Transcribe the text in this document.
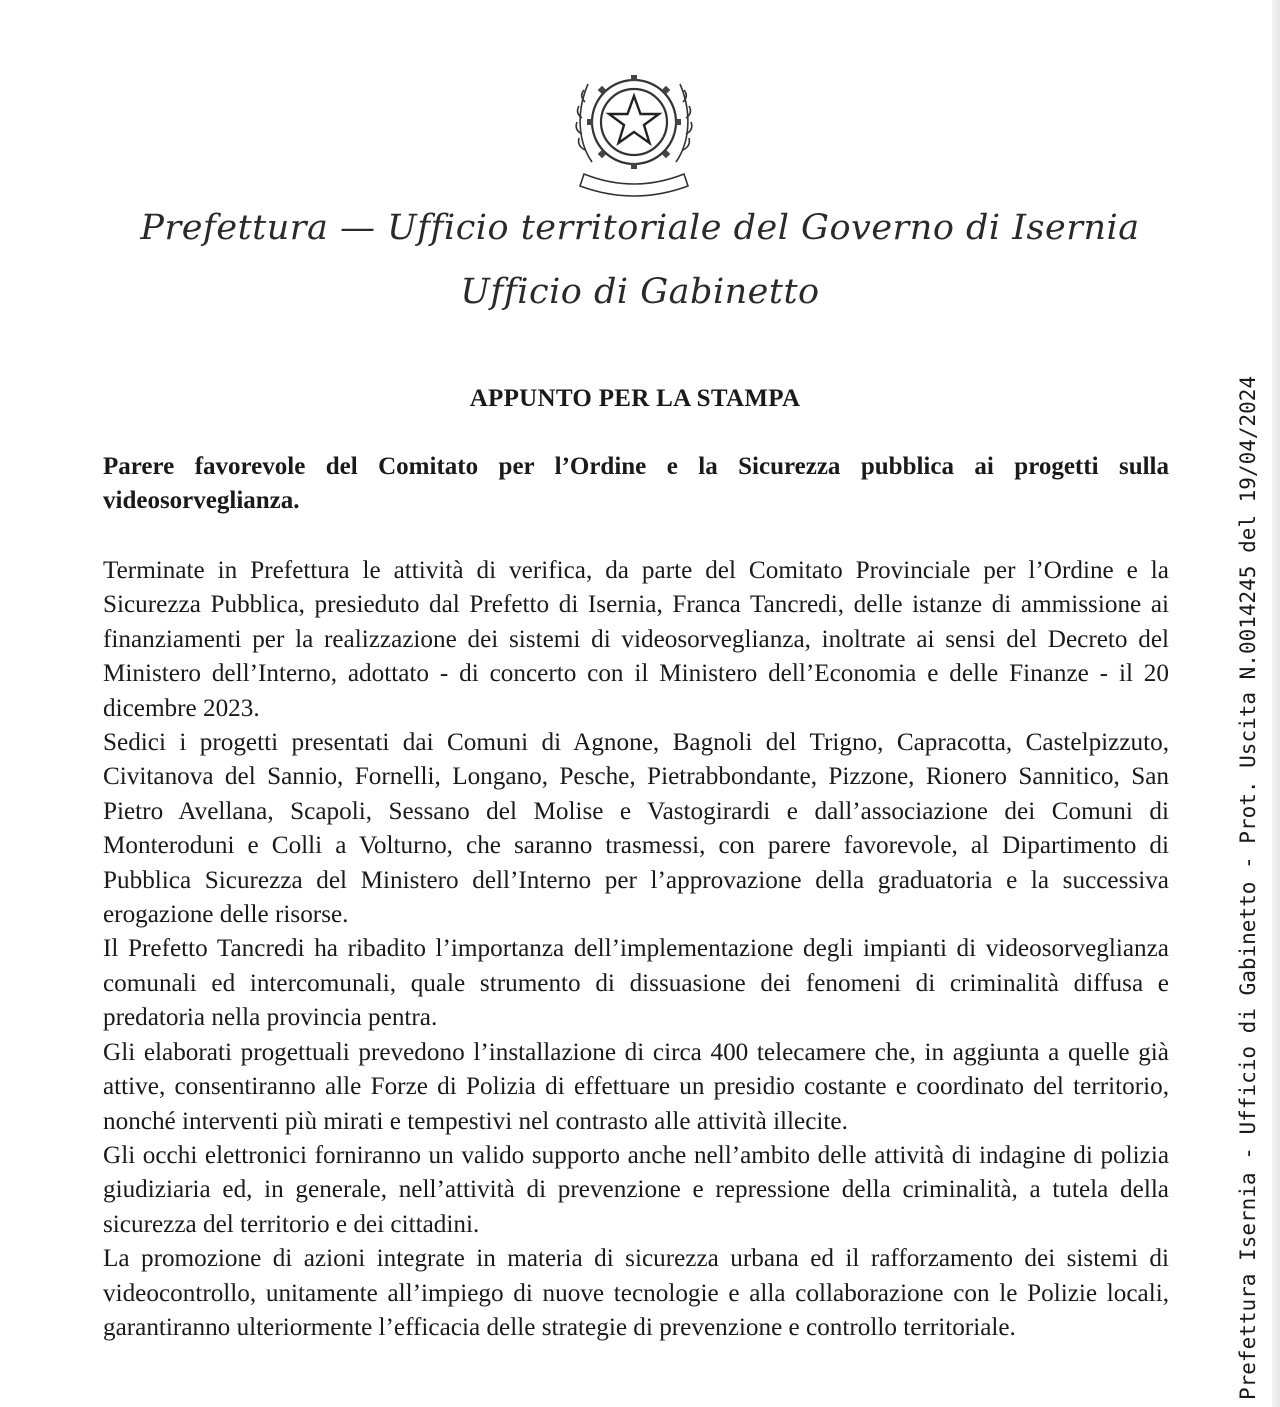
Prefettura — Ufficio territoriale del Governo di Isernia
Ufficio di Gabinetto
APPUNTO PER LA STAMPA
Parere favorevole del Comitato per l’Ordine e la Sicurezza pubblica ai progetti sulla videosorveglianza.

Terminate in Prefettura le attività di verifica, da parte del Comitato Provinciale per l’Ordine e la Sicurezza Pubblica, presieduto dal Prefetto di Isernia, Franca Tancredi, delle istanze di ammissione ai finanziamenti per la realizzazione dei sistemi di videosorveglianza, inoltrate ai sensi del Decreto del Ministero dell’Interno, adottato - di concerto con il Ministero dell’Economia e delle Finanze - il 20 dicembre 2023.

Sedici i progetti presentati dai Comuni di Agnone, Bagnoli del Trigno, Capracotta, Castelpizzuto, Civitanova del Sannio, Fornelli, Longano, Pesche, Pietrabbondante, Pizzone, Rionero Sannitico, San Pietro Avellana, Scapoli, Sessano del Molise e Vastogirardi e dall’associazione dei Comuni di Monteroduni e Colli a Volturno, che saranno trasmessi, con parere favorevole, al Dipartimento di Pubblica Sicurezza del Ministero dell’Interno per l’approvazione della graduatoria e la successiva erogazione delle risorse.

Il Prefetto Tancredi ha ribadito l’importanza dell’implementazione degli impianti di videosorveglianza comunali ed intercomunali, quale strumento di dissuasione dei fenomeni di criminalità diffusa e predatoria nella provincia pentra.

Gli elaborati progettuali prevedono l’installazione di circa 400 telecamere che, in aggiunta a quelle già attive, consentiranno alle Forze di Polizia di effettuare un presidio costante e coordinato del territorio, nonché interventi più mirati e tempestivi nel contrasto alle attività illecite.

Gli occhi elettronici forniranno un valido supporto anche nell’ambito delle attività di indagine di polizia giudiziaria ed, in generale, nell’attività di prevenzione e repressione della criminalità, a tutela della sicurezza del territorio e dei cittadini.

La promozione di azioni integrate in materia di sicurezza urbana ed il rafforzamento dei sistemi di videocontrollo, unitamente all’impiego di nuove tecnologie e alla collaborazione con le Polizie locali, garantiranno ulteriormente l’efficacia delle strategie di prevenzione e controllo territoriale.	Prefettura Isernia - Ufficio di Gabinetto - Prot. Uscita N.0014245 del 19/04/2024
